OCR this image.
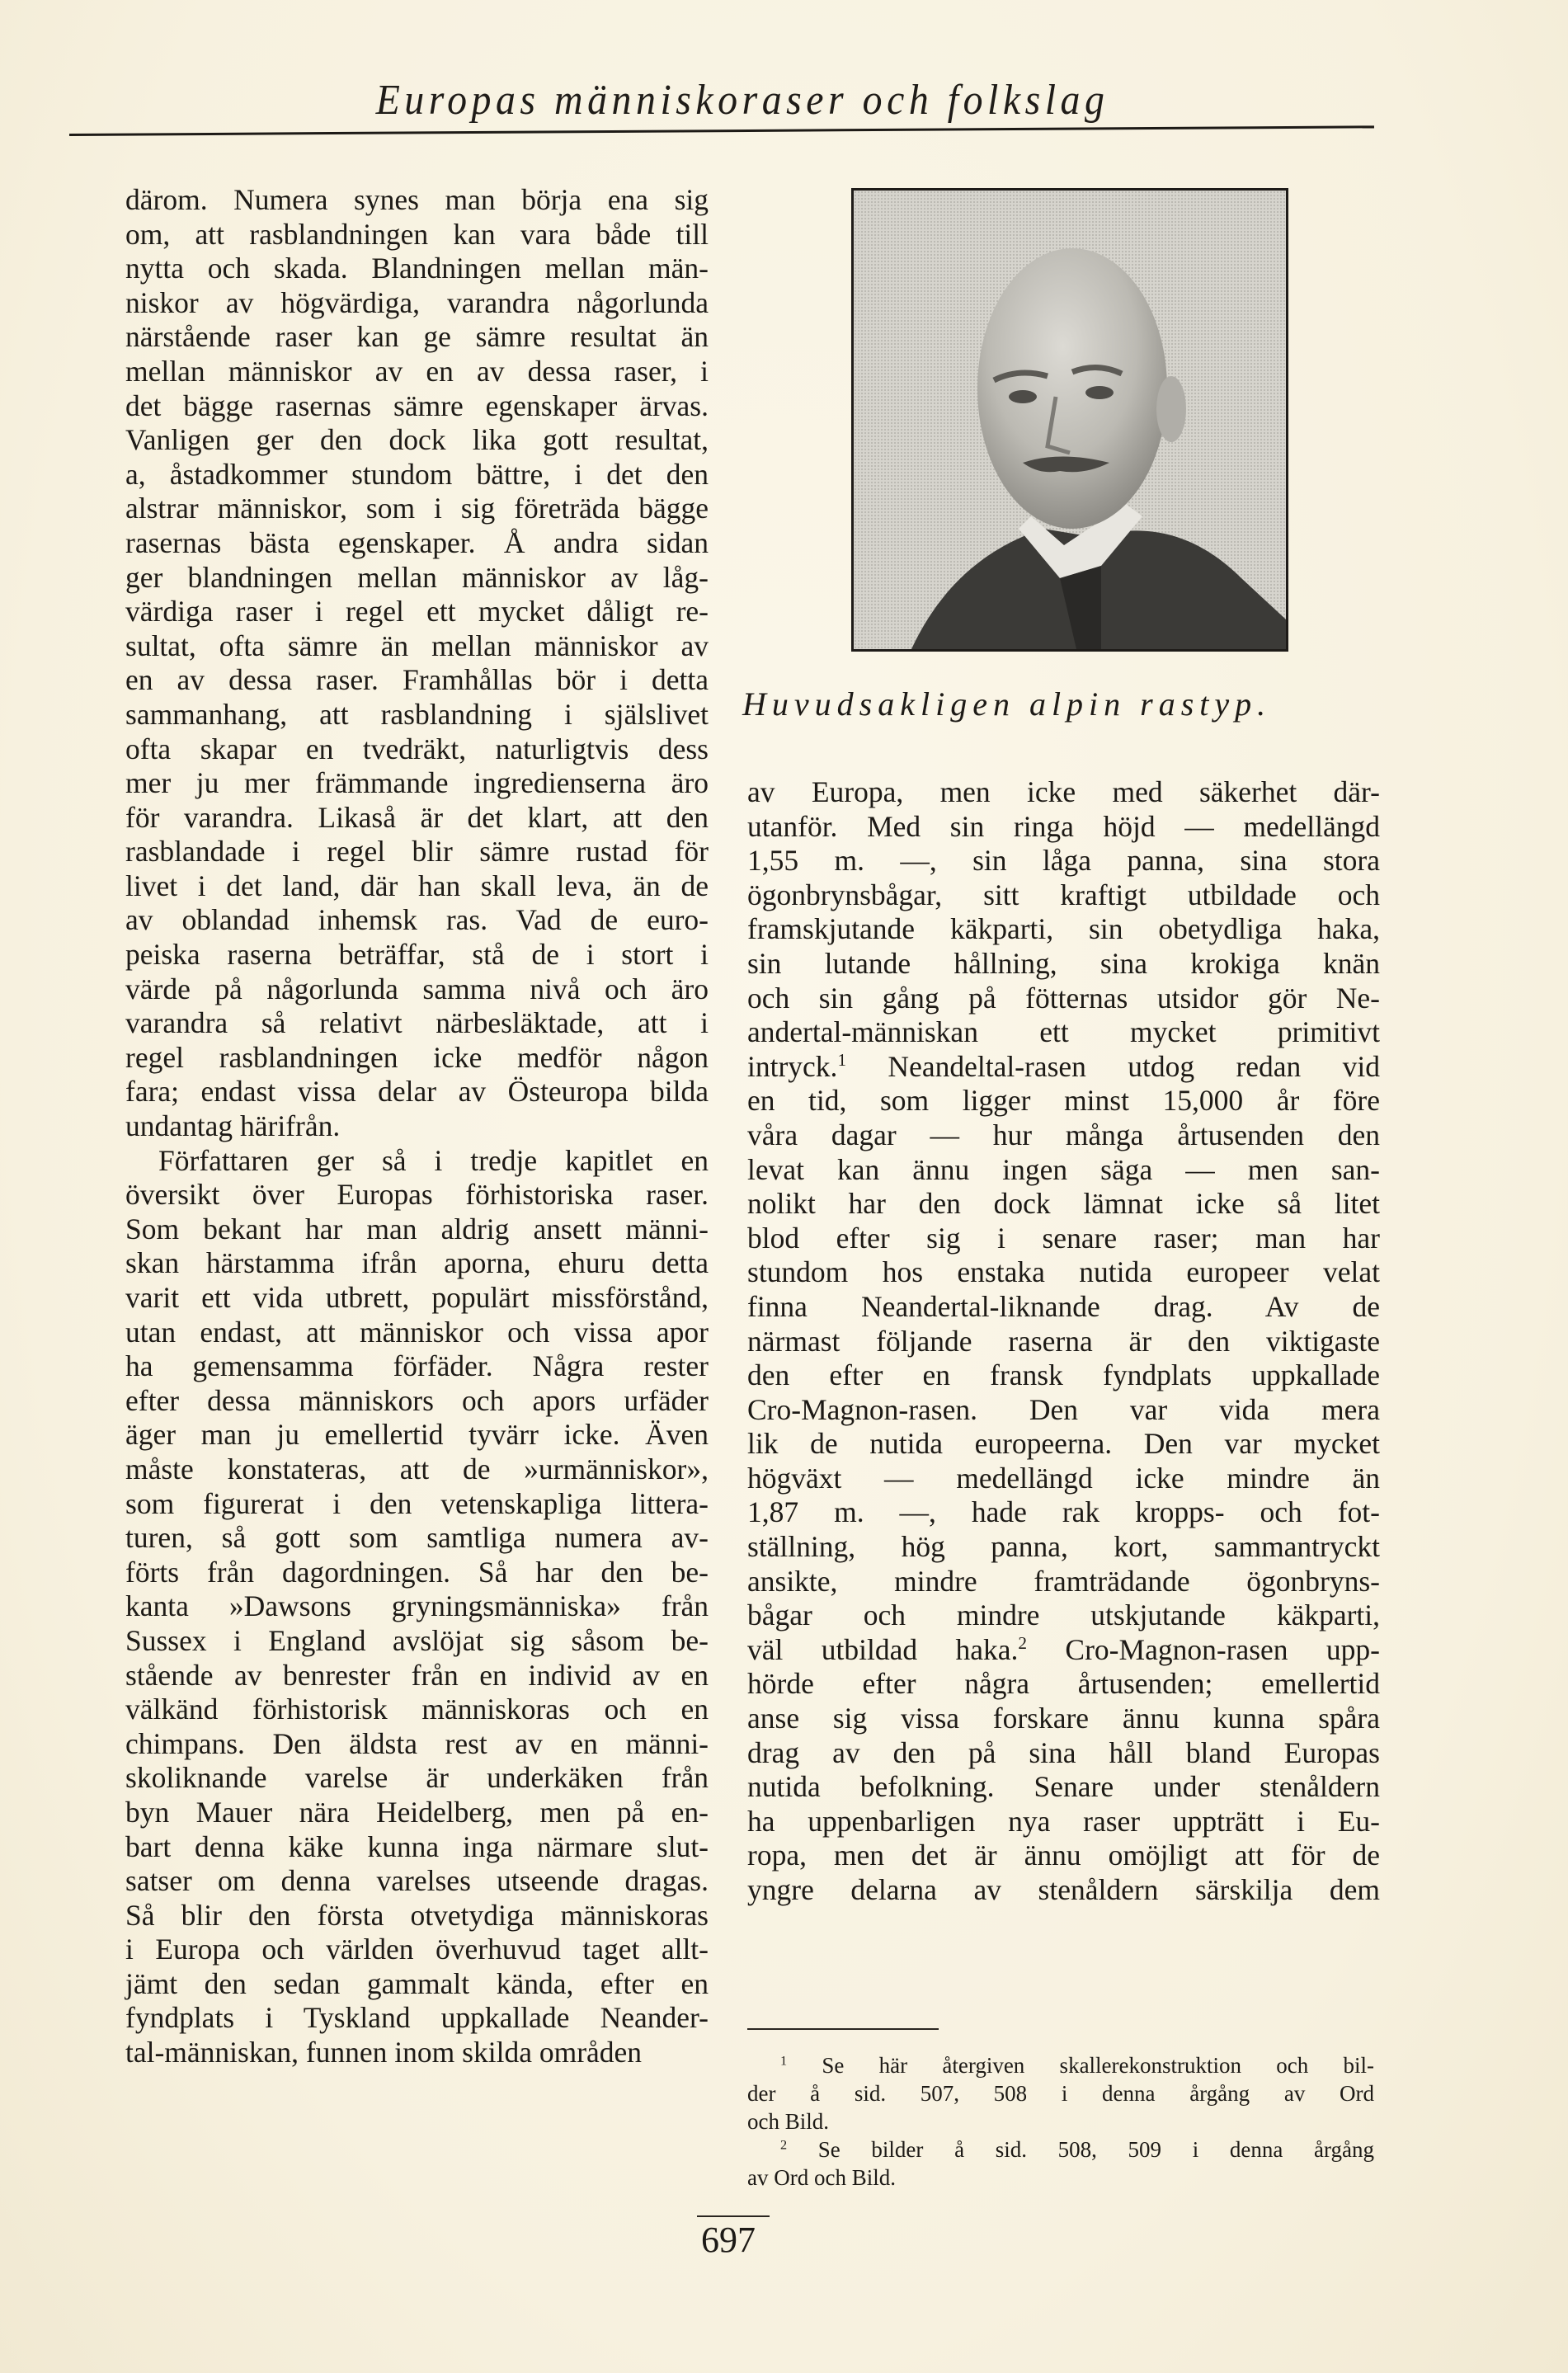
Europas människoraser och folkslag
därom. Numera synes man börja ena sig
om, att rasblandningen kan vara både till
nytta och skada. Blandningen mellan män-
niskor av högvärdiga, varandra någorlunda
närstående raser kan ge sämre resultat än
mellan människor av en av dessa raser, i
det bägge rasernas sämre egenskaper ärvas.
Vanligen ger den dock lika gott resultat,
a, åstadkommer stundom bättre, i det den
alstrar människor, som i sig företräda bägge
rasernas bästa egenskaper. Å andra sidan
ger blandningen mellan människor av låg-
värdiga raser i regel ett mycket dåligt re-
sultat, ofta sämre än mellan människor av
en av dessa raser. Framhållas bör i detta
sammanhang, att rasblandning i själslivet
ofta skapar en tvedräkt, naturligtvis dess
mer ju mer främmande ingredienserna äro
för varandra. Likaså är det klart, att den
rasblandade i regel blir sämre rustad för
livet i det land, där han skall leva, än de
av oblandad inhemsk ras. Vad de euro-
peiska raserna beträffar, stå de i stort i
värde på någorlunda samma nivå och äro
varandra så relativt närbesläktade, att i
regel rasblandningen icke medför någon
fara; endast vissa delar av Östeuropa bilda
undantag härifrån.
Författaren ger så i tredje kapitlet en
översikt över Europas förhistoriska raser.
Som bekant har man aldrig ansett männi-
skan härstamma ifrån aporna, ehuru detta
varit ett vida utbrett, populärt missförstånd,
utan endast, att människor och vissa apor
ha gemensamma förfäder. Några rester
efter dessa människors och apors urfäder
äger man ju emellertid tyvärr icke. Även
måste konstateras, att de »urmänniskor»,
som figurerat i den vetenskapliga littera-
turen, så gott som samtliga numera av-
förts från dagordningen. Så har den be-
kanta »Dawsons gryningsmänniska» från
Sussex i England avslöjat sig såsom be-
stående av benrester från en individ av en
välkänd förhistorisk människoras och en
chimpans. Den äldsta rest av en männi-
skoliknande varelse är underkäken från
byn Mauer nära Heidelberg, men på en-
bart denna käke kunna inga närmare slut-
satser om denna varelses utseende dragas.
Så blir den första otvetydiga människoras
i Europa och världen överhuvud taget allt-
jämt den sedan gammalt kända, efter en
fyndplats i Tyskland uppkallade Neander-
tal-människan, funnen inom skilda områden
Huvudsakligen alpin rastyp.
av Europa, men icke med säkerhet där-
utanför. Med sin ringa höjd — medellängd
1,55 m. —, sin låga panna, sina stora
ögonbrynsbågar, sitt kraftigt utbildade och
framskjutande käkparti, sin obetydliga haka,
sin lutande hållning, sina krokiga knän
och sin gång på fötternas utsidor gör Ne-
andertal-människan ett mycket primitivt
intryck.$^1$ Neandeltal-rasen utdog redan vid
en tid, som ligger minst 15,000 år före
våra dagar — hur många årtusenden den
levat kan ännu ingen säga — men san-
nolikt har den dock lämnat icke så litet
blod efter sig i senare raser; man har
stundom hos enstaka nutida europeer velat
finna Neandertal-liknande drag. Av de
närmast följande raserna är den viktigaste
den efter en fransk fyndplats uppkallade
Cro-Magnon-rasen. Den var vida mera
lik de nutida europeerna. Den var mycket
högväxt — medellängd icke mindre än
1,87 m. —, hade rak kropps- och fot-
ställning, hög panna, kort, sammantryckt
ansikte, mindre framträdande ögonbryns-
bågar och mindre utskjutande käkparti,
väl utbildad haka.$^2$ Cro-Magnon-rasen upp-
hörde efter några årtusenden; emellertid
anse sig vissa forskare ännu kunna spåra
drag av den på sina håll bland Europas
nutida befolkning. Senare under stenåldern
ha uppenbarligen nya raser uppträtt i Eu-
ropa, men det är ännu omöjligt att för de
yngre delarna av stenåldern särskilja dem
$^1$ Se här återgiven skallerekonstruktion och bil-
der å sid. 507, 508 i denna årgång av Ord
och Bild.
$^2$ Se bilder å sid. 508, 509 i denna årgång
av Ord och Bild.
697
